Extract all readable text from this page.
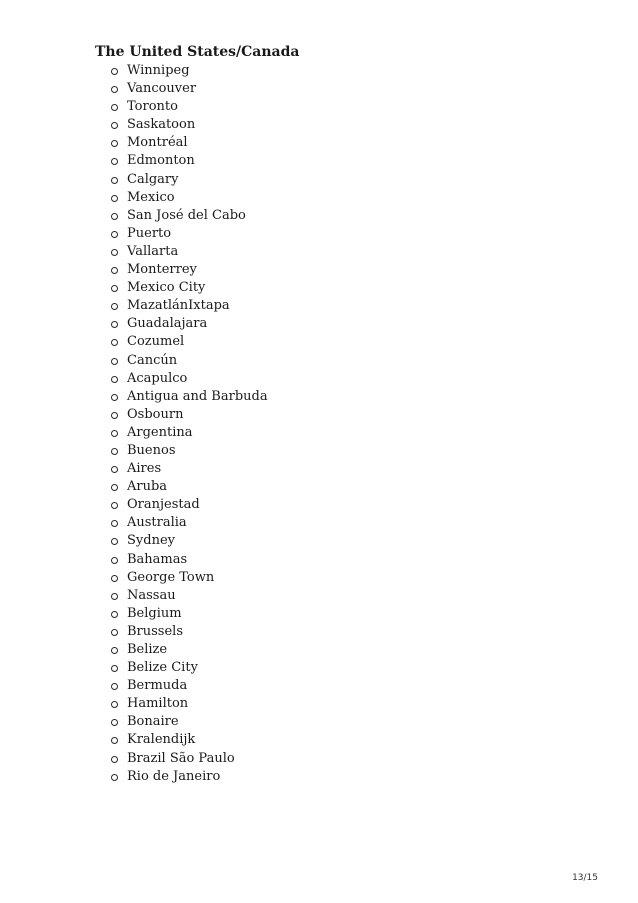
The United States/Canada
Winnipeg
Vancouver
Toronto
Saskatoon
Montréal
Edmonton
Calgary
Mexico
San José del Cabo
Puerto
Vallarta
Monterrey
Mexico City
MazatlánIxtapa
Guadalajara
Cozumel
Cancún
Acapulco
Antigua and Barbuda
Osbourn
Argentina
Buenos
Aires
Aruba
Oranjestad
Australia
Sydney
Bahamas
George Town
Nassau
Belgium
Brussels
Belize
Belize City
Bermuda
Hamilton
Bonaire
Kralendijk
Brazil São Paulo
Rio de Janeiro
13/15
